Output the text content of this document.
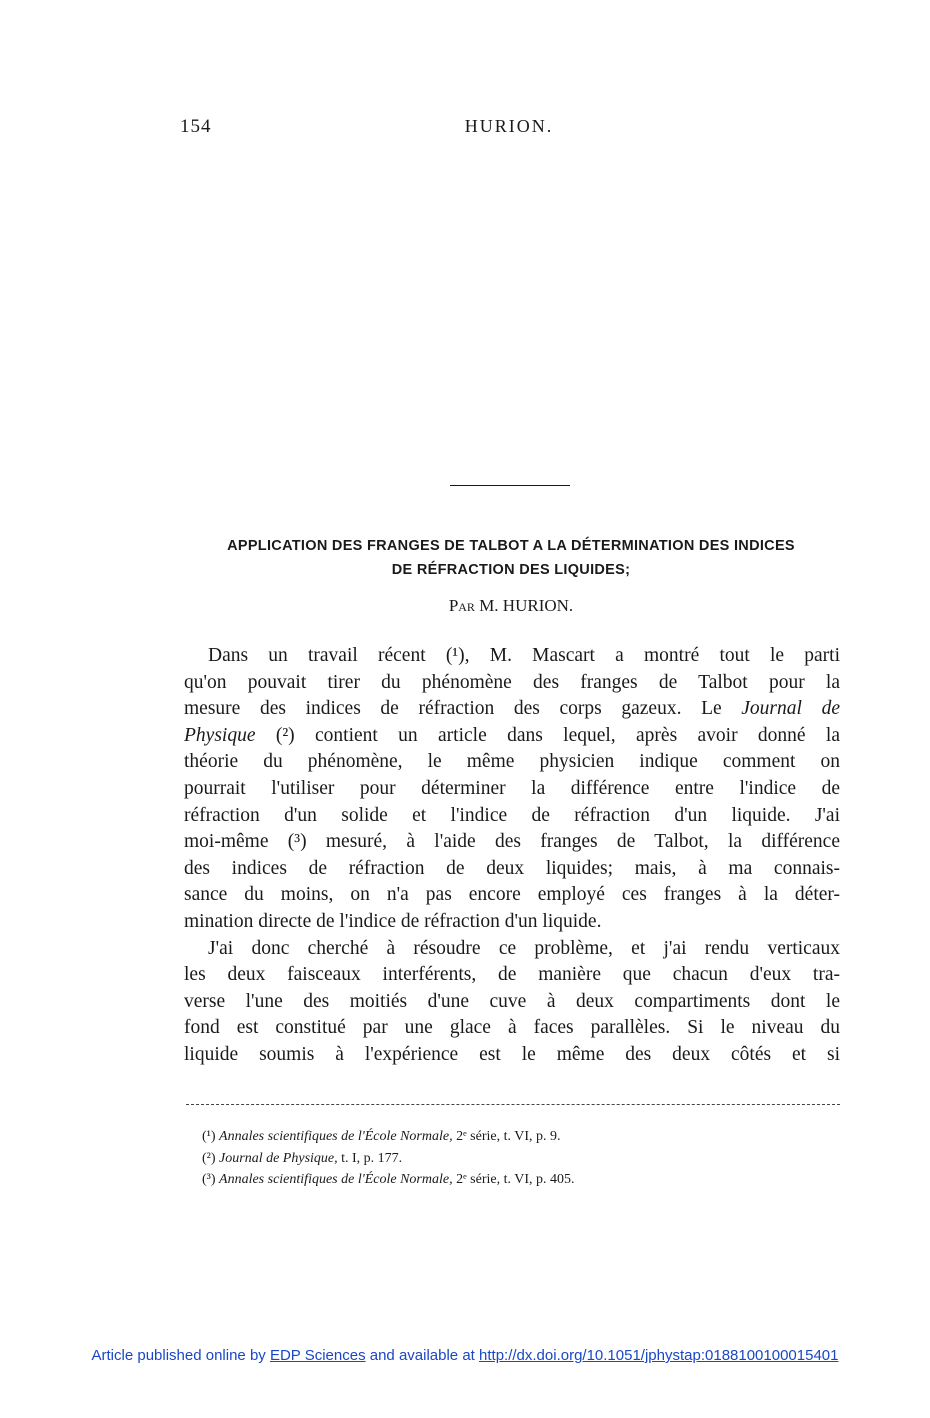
154	HURION.
APPLICATION DES FRANGES DE TALBOT A LA DÉTERMINATION DES INDICES
DE RÉFRACTION DES LIQUIDES;
Par M. HURION.
Dans un travail récent (¹), M. Mascart a montré tout le parti
qu'on pouvait tirer du phénomène des franges de Talbot pour la
mesure des indices de réfraction des corps gazeux. Le Journal de
Physique (²) contient un article dans lequel, après avoir donné la
théorie du phénomène, le même physicien indique comment on
pourrait l'utiliser pour déterminer la différence entre l'indice de
réfraction d'un solide et l'indice de réfraction d'un liquide. J'ai
moi-même (³) mesuré, à l'aide des franges de Talbot, la différence
des indices de réfraction de deux liquides; mais, à ma connais-
sance du moins, on n'a pas encore employé ces franges à la déter-
mination directe de l'indice de réfraction d'un liquide.
J'ai donc cherché à résoudre ce problème, et j'ai rendu verticaux
les deux faisceaux interférents, de manière que chacun d'eux tra-
verse l'une des moitiés d'une cuve à deux compartiments dont le
fond est constitué par une glace à faces parallèles. Si le niveau du
liquide soumis à l'expérience est le même des deux côtés et si
(¹) Annales scientifiques de l'École Normale, 2ᵉ série, t. VI, p. 9.
(²) Journal de Physique, t. I, p. 177.
(³) Annales scientifiques de l'École Normale, 2ᵉ série, t. VI, p. 405.
Article published online by EDP Sciences and available at http://dx.doi.org/10.1051/jphystap:0188100100015401
